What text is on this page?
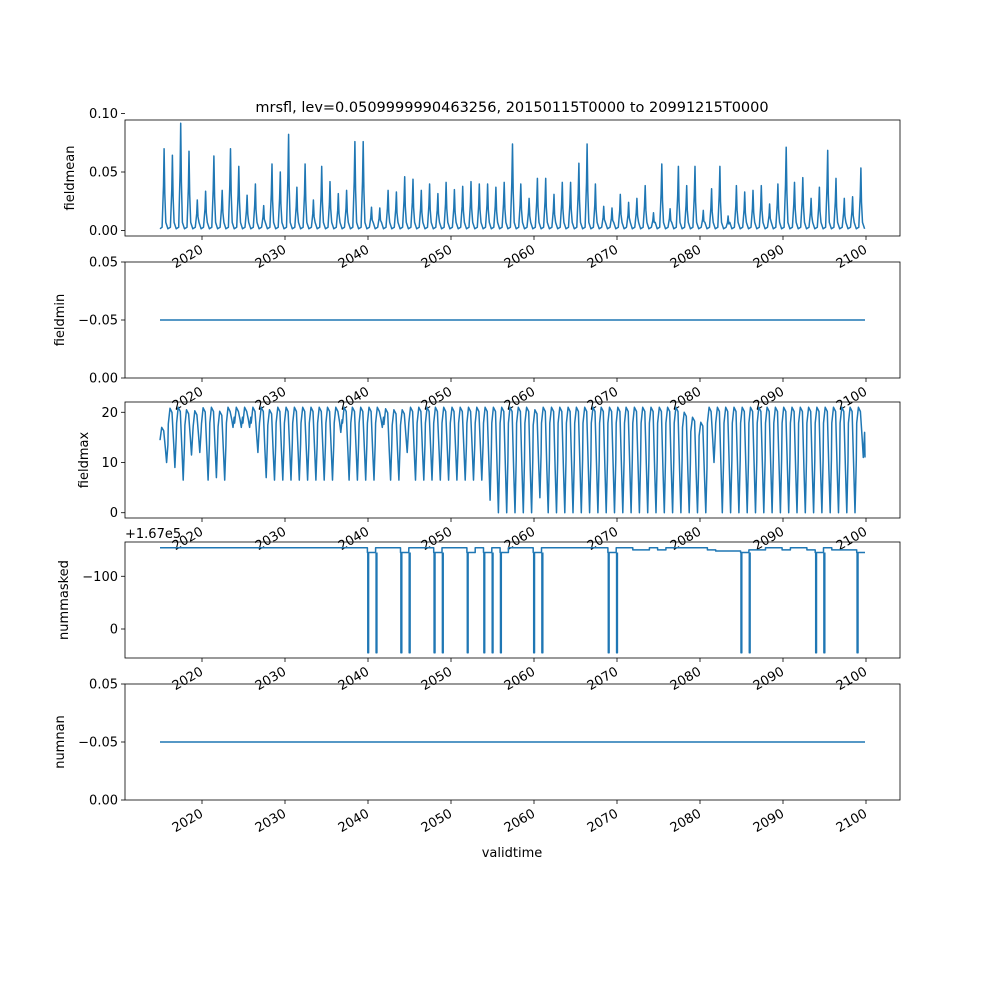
mrsfl, lev=0.0509999990463256, 20150115T0000 to 20991215T0000
validtime
0.00
0.05
0.10
fieldmean
2020	2030	2040	2050	2060	2070	2080	2090	2100
−0.05
0.00
0.05
fieldmin
2020	2030	2040	2050	2060	2070	2080	2090	2100
0
10
20
fieldmax
2020	2030	2040	2050	2060	2070	2080	2090	2100
0
−100
nummasked
+1.67e5
2020	2030	2040	2050	2060	2070	2080	2090	2100
−0.05
0.00
0.05
numnan
2020	2030	2040	2050	2060	2070	2080	2090	2100
